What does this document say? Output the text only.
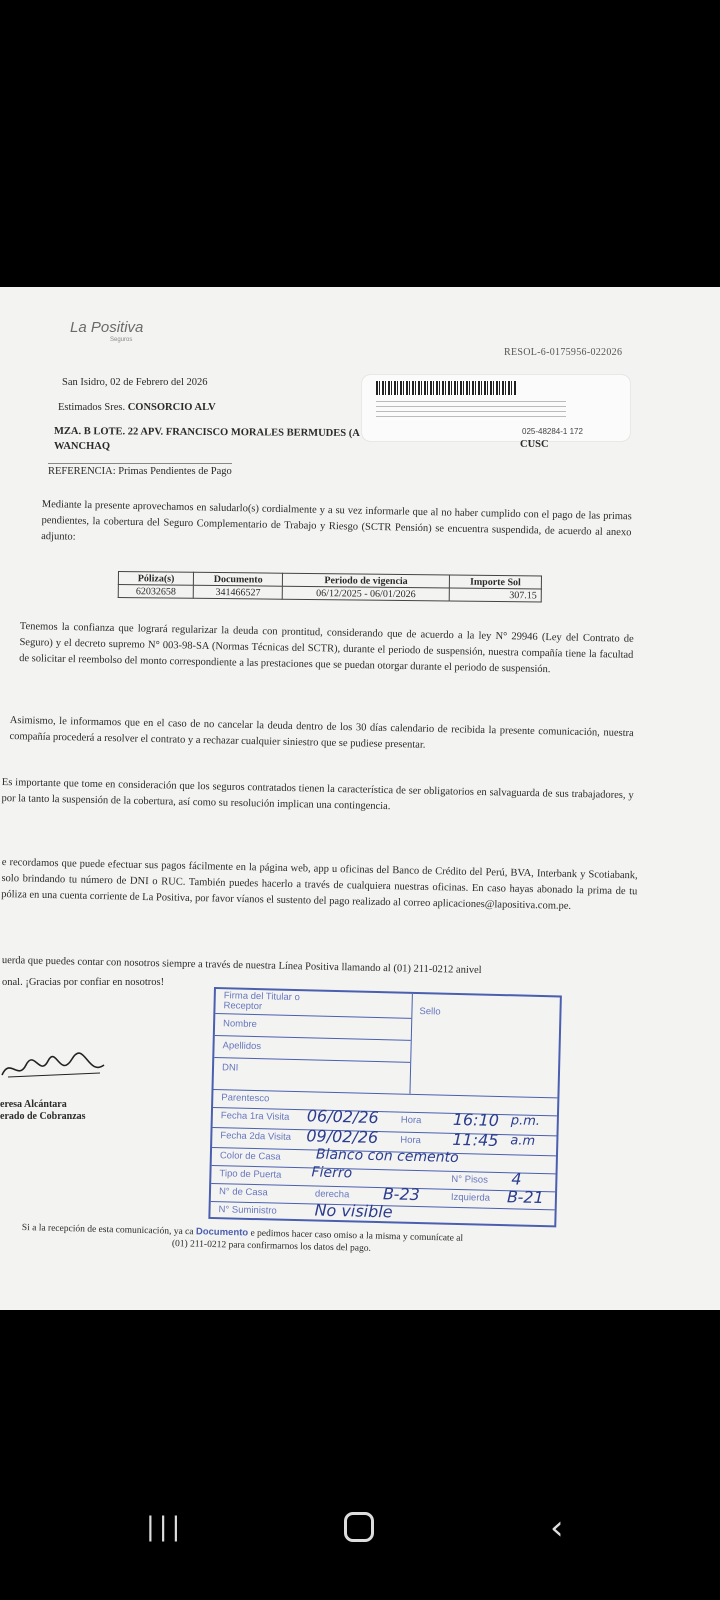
La Positiva
Seguros
RESOL-6-0175956-022026
025-48284-1 172
San Isidro, 02 de Febrero del 2026
Estimados Sres. CONSORCIO ALV
MZA. B LOTE. 22 APV. FRANCISCO MORALES BERMUDES (A
CUSC
WANCHAQ
REFERENCIA: Primas Pendientes de Pago
Mediante la presente aprovechamos en saludarlo(s) cordialmente y a su vez informarle que al no haber cumplido con el pago de las primas pendientes, la cobertura del Seguro Complementario de Trabajo y Riesgo (SCTR Pensión) se encuentra suspendida, de acuerdo al anexo adjunto:
Póliza(s)	Documento	Periodo de vigencia	Importe Sol
62032658	341466527	06/12/2025 - 06/01/2026	307.15
Tenemos la confianza que logrará regularizar la deuda con prontitud, considerando que de acuerdo a la ley N° 29946 (Ley del Contrato de Seguro) y el decreto supremo N° 003-98-SA (Normas Técnicas del SCTR), durante el periodo de suspensión, nuestra compañía tiene la facultad de solicitar el reembolso del monto correspondiente a las prestaciones que se puedan otorgar durante el periodo de suspensión.
Asimismo, le informamos que en el caso de no cancelar la deuda dentro de los 30 días calendario de recibida la presente comunicación, nuestra compañía procederá a resolver el contrato y a rechazar cualquier siniestro que se pudiese presentar.
Es importante que tome en consideración que los seguros contratados tienen la característica de ser obligatorios en salvaguarda de sus trabajadores, y por la tanto la suspensión de la cobertura, así como su resolución implican una contingencia.
e recordamos que puede efectuar sus pagos fácilmente en la página web, app u oficinas del Banco de Crédito del Perú, BVA, Interbank y Scotiabank, solo brindando tu número de DNI o RUC. También puedes hacerlo a través de cualquiera nuestras oficinas. En caso hayas abonado la prima de tu póliza en una cuenta corriente de La Positiva, por favor víanos el sustento del pago realizado al correo aplicaciones@lapositiva.com.pe.
uerda que puedes contar con nosotros siempre a través de nuestra Línea Positiva llamando al (01) 211-0212 anivel
onal. ¡Gracias por confiar en nosotros!
eresa Alcántara
erado de Cobranzas
Firma del Titular o Receptor	Sello
Nombre
Apellidos
DNI
Parentesco
Fecha 1ra Visita 06/02/26 Hora 16:10 p.m.
Fecha 2da Visita 09/02/26 Hora 11:45 a.m
Color de Casa	Blanco con cemento
Tipo de Puerta Fierro	N° Pisos 4
N° de Casa	derecha B-23	Izquierda B-21
N° Suministro No visible
Si a la recepción de esta comunicación, ya ca Documento e pedimos hacer caso omiso a la misma y comunícate al
(01) 211-0212 para confirmarnos los datos del pago.
|||	‹
